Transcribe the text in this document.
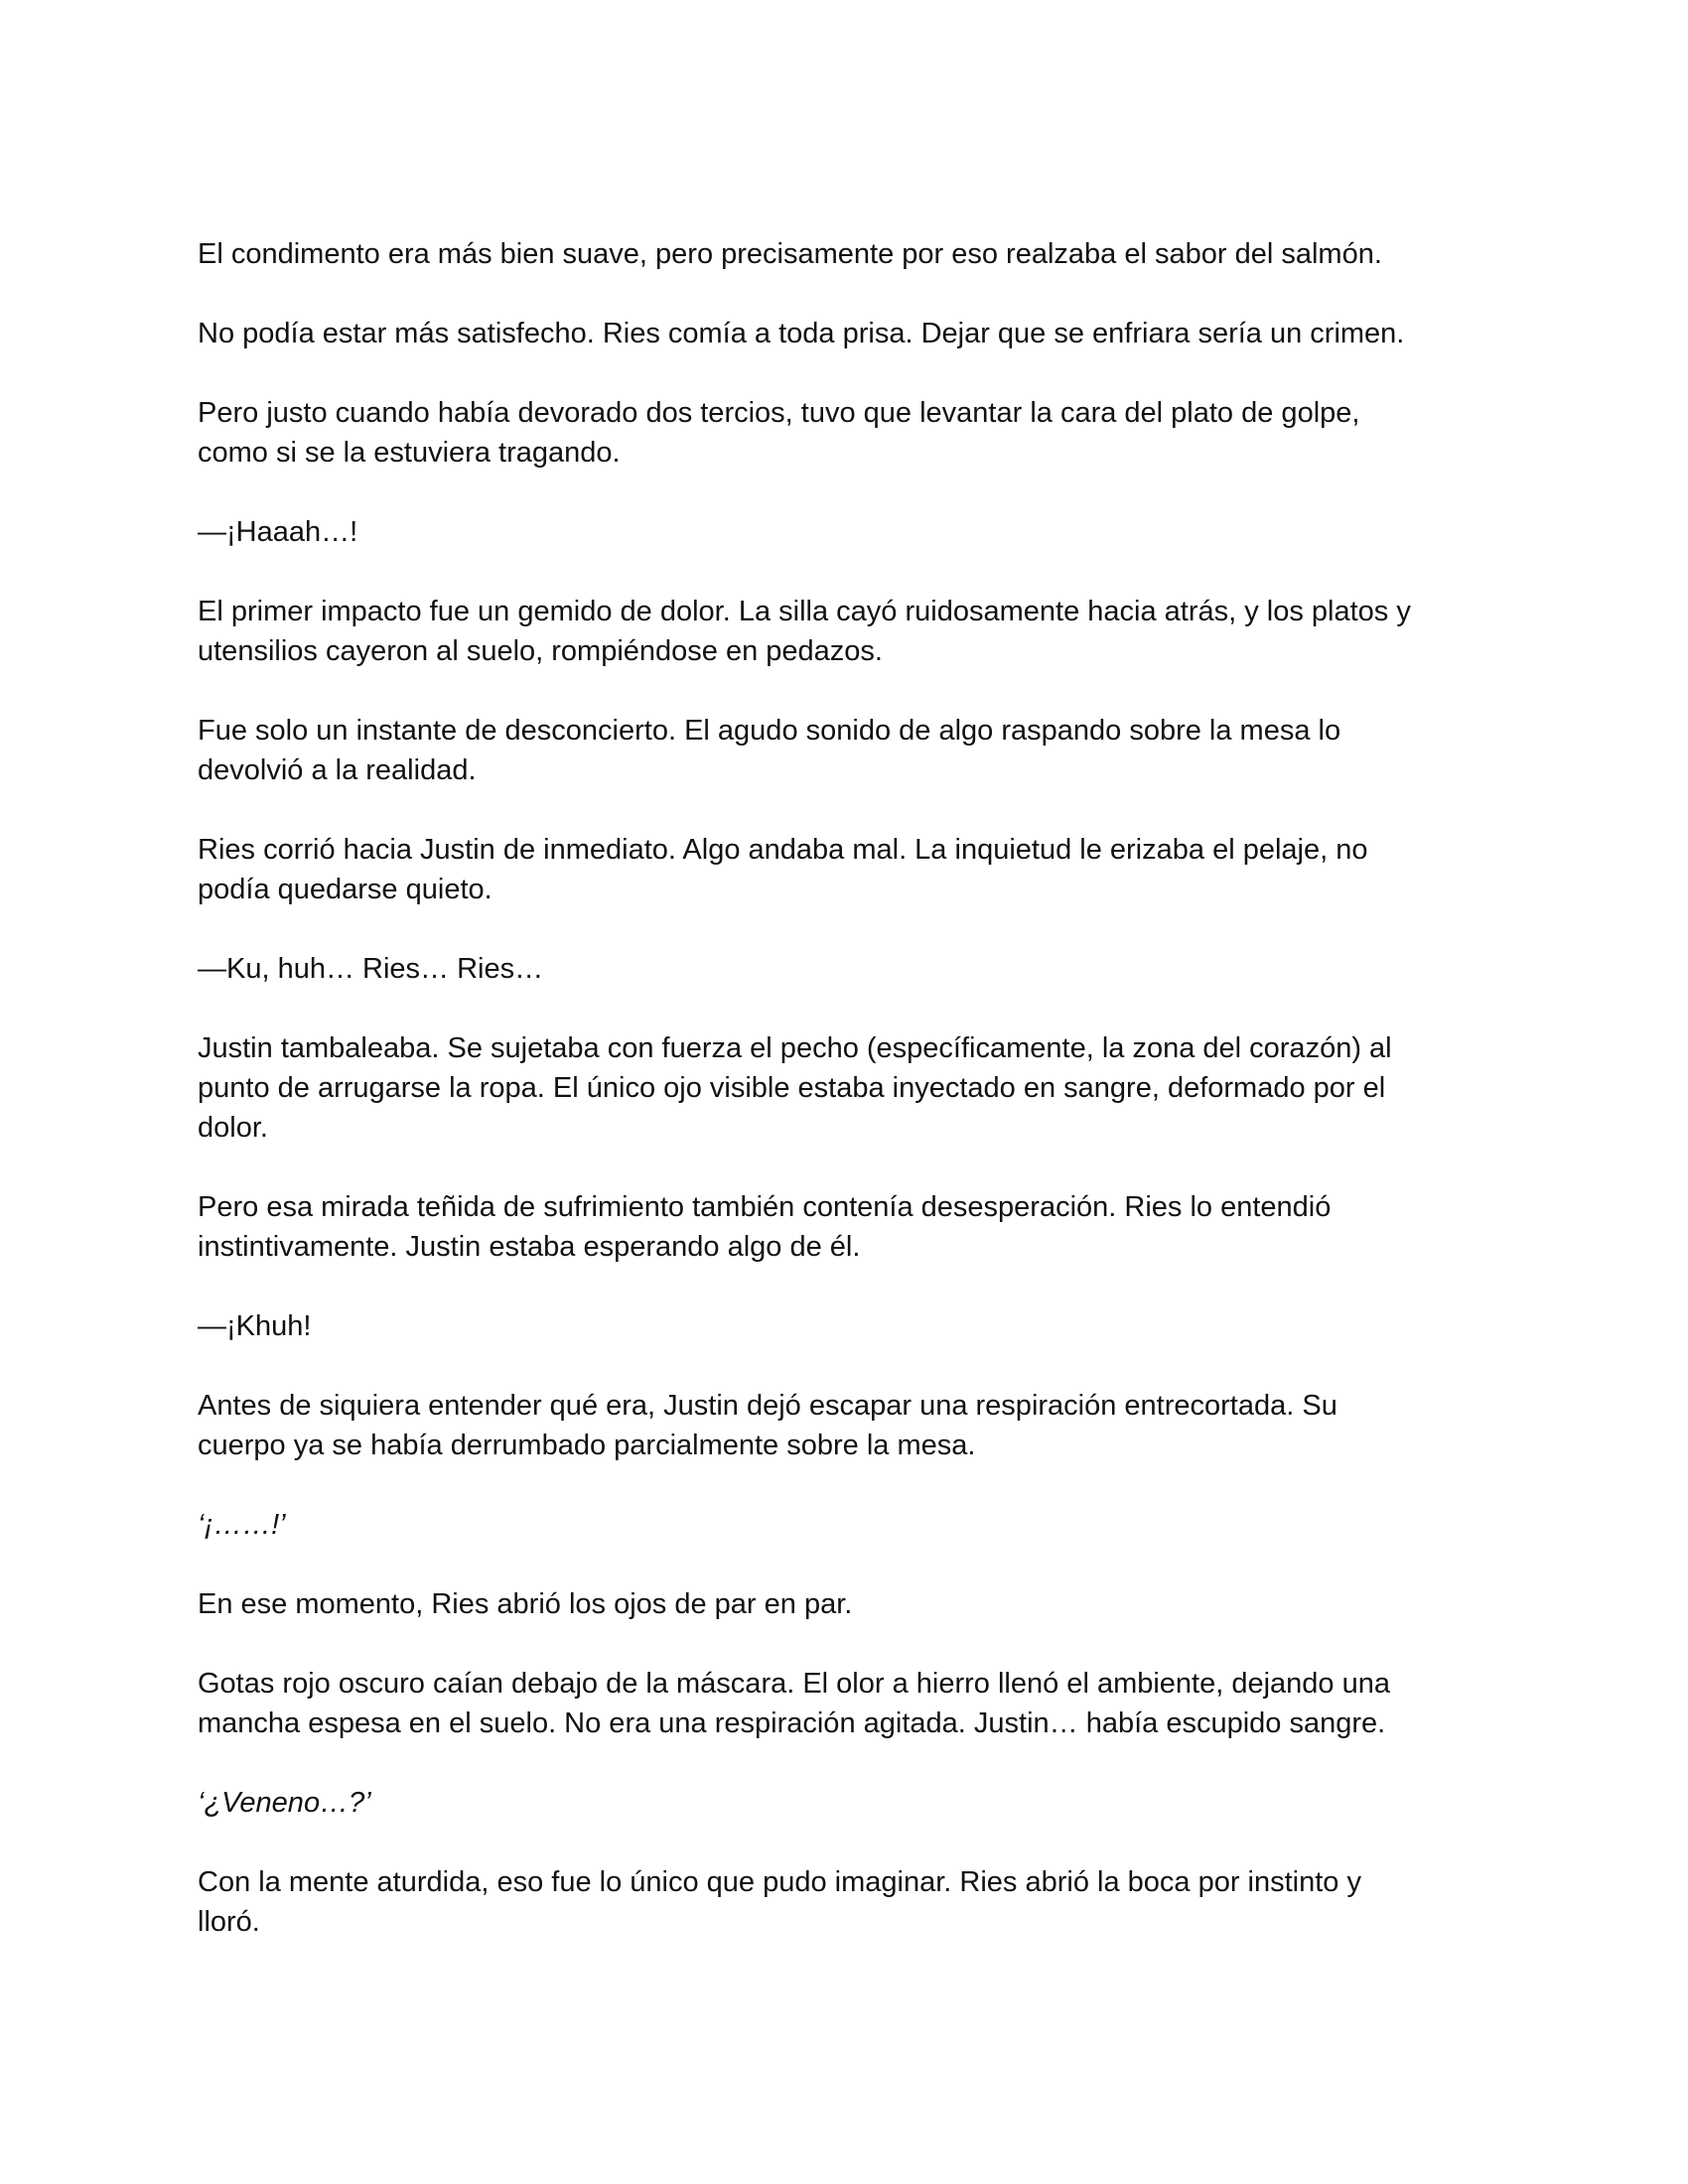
El condimento era más bien suave, pero precisamente por eso realzaba el sabor del salmón.

No podía estar más satisfecho. Ries comía a toda prisa. Dejar que se enfriara sería un crimen.

Pero justo cuando había devorado dos tercios, tuvo que levantar la cara del plato de golpe,
como si se la estuviera tragando.

—¡Haaah…!

El primer impacto fue un gemido de dolor. La silla cayó ruidosamente hacia atrás, y los platos y
utensilios cayeron al suelo, rompiéndose en pedazos.

Fue solo un instante de desconcierto. El agudo sonido de algo raspando sobre la mesa lo
devolvió a la realidad.

Ries corrió hacia Justin de inmediato. Algo andaba mal. La inquietud le erizaba el pelaje, no
podía quedarse quieto.

—Ku, huh… Ries… Ries…

Justin tambaleaba. Se sujetaba con fuerza el pecho (específicamente, la zona del corazón) al
punto de arrugarse la ropa. El único ojo visible estaba inyectado en sangre, deformado por el
dolor.

Pero esa mirada teñida de sufrimiento también contenía desesperación. Ries lo entendió
instintivamente. Justin estaba esperando algo de él.

—¡Khuh!

Antes de siquiera entender qué era, Justin dejó escapar una respiración entrecortada. Su
cuerpo ya se había derrumbado parcialmente sobre la mesa.

‘¡……!’

En ese momento, Ries abrió los ojos de par en par.

Gotas rojo oscuro caían debajo de la máscara. El olor a hierro llenó el ambiente, dejando una
mancha espesa en el suelo. No era una respiración agitada. Justin… había escupido sangre.

‘¿Veneno…?’

Con la mente aturdida, eso fue lo único que pudo imaginar. Ries abrió la boca por instinto y
lloró.
